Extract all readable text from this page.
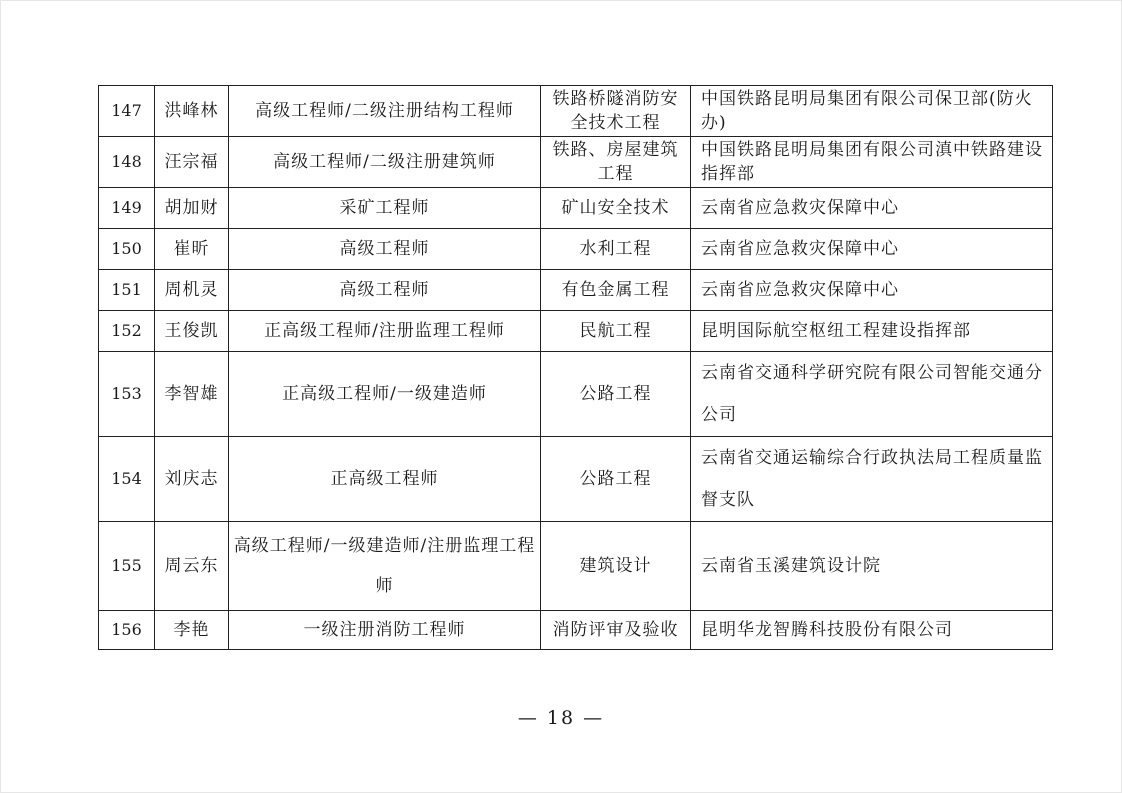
147	洪峰林	高级工程师/二级注册结构工程师	铁路桥隧消防安全技术工程	中国铁路昆明局集团有限公司保卫部(防火办)
148	汪宗福	高级工程师/二级注册建筑师	铁路、房屋建筑工程	中国铁路昆明局集团有限公司滇中铁路建设指挥部
149	胡加财	采矿工程师	矿山安全技术	云南省应急救灾保障中心
150	崔昕	高级工程师	水利工程	云南省应急救灾保障中心
151	周机灵	高级工程师	有色金属工程	云南省应急救灾保障中心
152	王俊凯	正高级工程师/注册监理工程师	民航工程	昆明国际航空枢纽工程建设指挥部
153	李智雄	正高级工程师/一级建造师	公路工程	云南省交通科学研究院有限公司智能交通分公司
154	刘庆志	正高级工程师	公路工程	云南省交通运输综合行政执法局工程质量监督支队
155	周云东	高级工程师/一级建造师/注册监理工程师	建筑设计	云南省玉溪建筑设计院
156	李艳	一级注册消防工程师	消防评审及验收	昆明华龙智腾科技股份有限公司
— 18 —
